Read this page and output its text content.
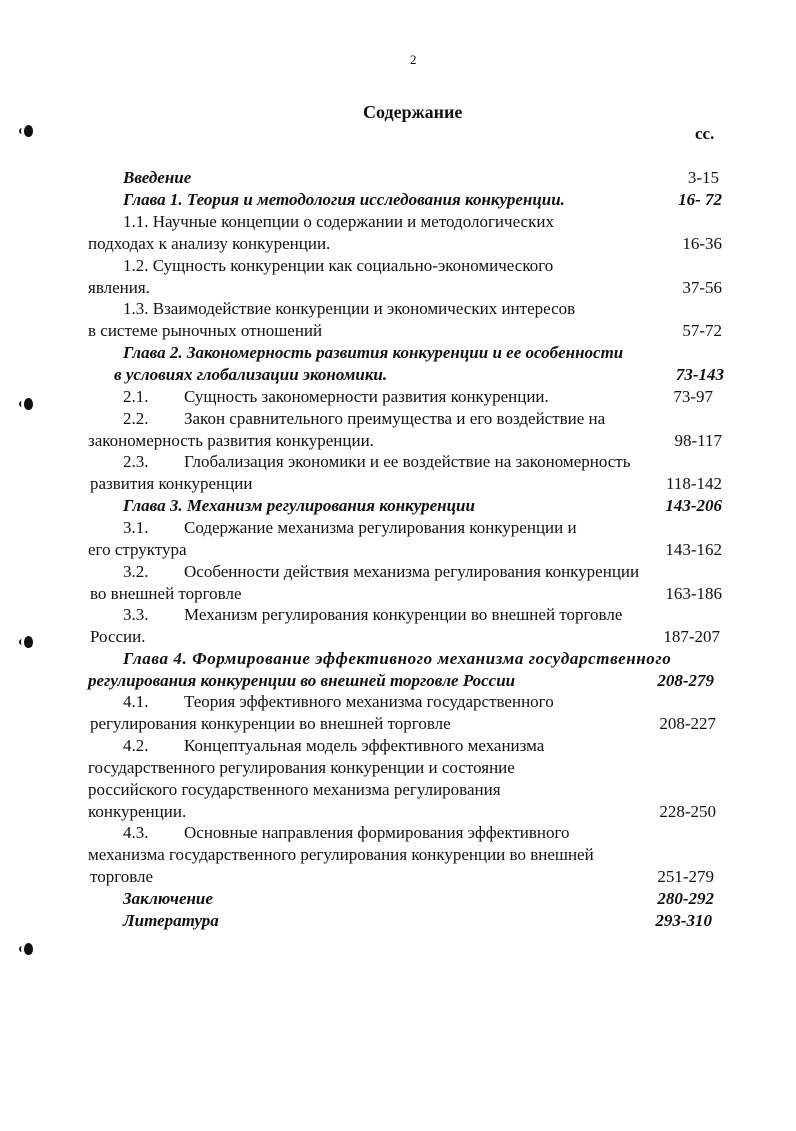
2
Содержание
сс.
Введение	3-15
Глава 1. Теория и методология исследования конкуренции.	16- 72
1.1. Научные концепции о содержании и методологических
подходах к анализу конкуренции.	16-36
1.2. Сущность конкуренции как социально-экономического
явления.	37-56
1.3. Взаимодействие конкуренции и экономических интересов
в системе рыночных отношений	57-72
Глава 2. Закономерность развития конкуренции и ее особенности
в условиях глобализации экономики.	73-143
2.1. Сущность закономерности развития конкуренции.	73-97
2.2. Закон сравнительного преимущества и его воздействие на
закономерность развития конкуренции.	98-117
2.3. Глобализация экономики и ее воздействие на закономерность
развития конкуренции	118-142
Глава 3. Механизм регулирования конкуренции	143-206
3.1. Содержание механизма регулирования конкуренции и
его структура	143-162
3.2. Особенности действия механизма регулирования конкуренции
во внешней торговле	163-186
3.3. Механизм регулирования конкуренции во внешней торговле
России.	187-207
Глава 4. Формирование эффективного механизма государственного
регулирования конкуренции во внешней торговле России	208-279
4.1. Теория эффективного механизма государственного
регулирования конкуренции во внешней торговле	208-227
4.2. Концептуальная модель эффективного механизма
государственного регулирования конкуренции и состояние
российского государственного механизма регулирования
конкуренции.	228-250
4.3. Основные направления формирования эффективного
механизма государственного регулирования конкуренции во внешней
торговле	251-279
Заключение	280-292
Литература	293-310
